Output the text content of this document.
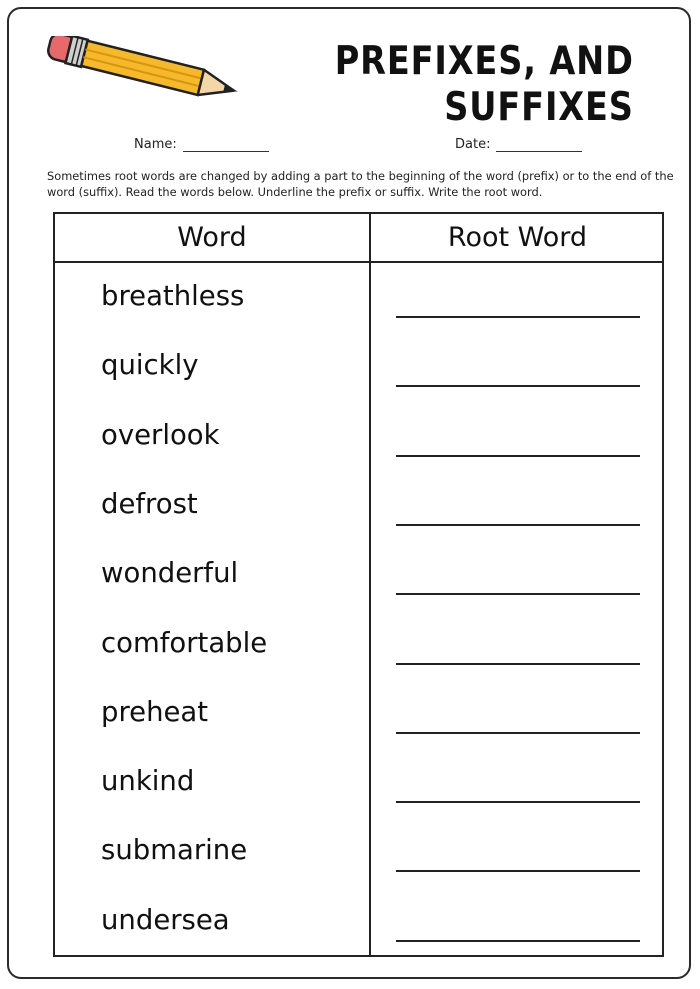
PREFIXES, AND
SUFFIXES
Name:	Date:
Sometimes root words are changed by adding a part to the beginning of the word (prefix) or to the end of the word (suffix). Read the words below. Underline the prefix or suffix. Write the root word.
Word	Root Word
breathless
quickly
overlook
defrost
wonderful
comfortable
preheat
unkind
submarine
undersea
